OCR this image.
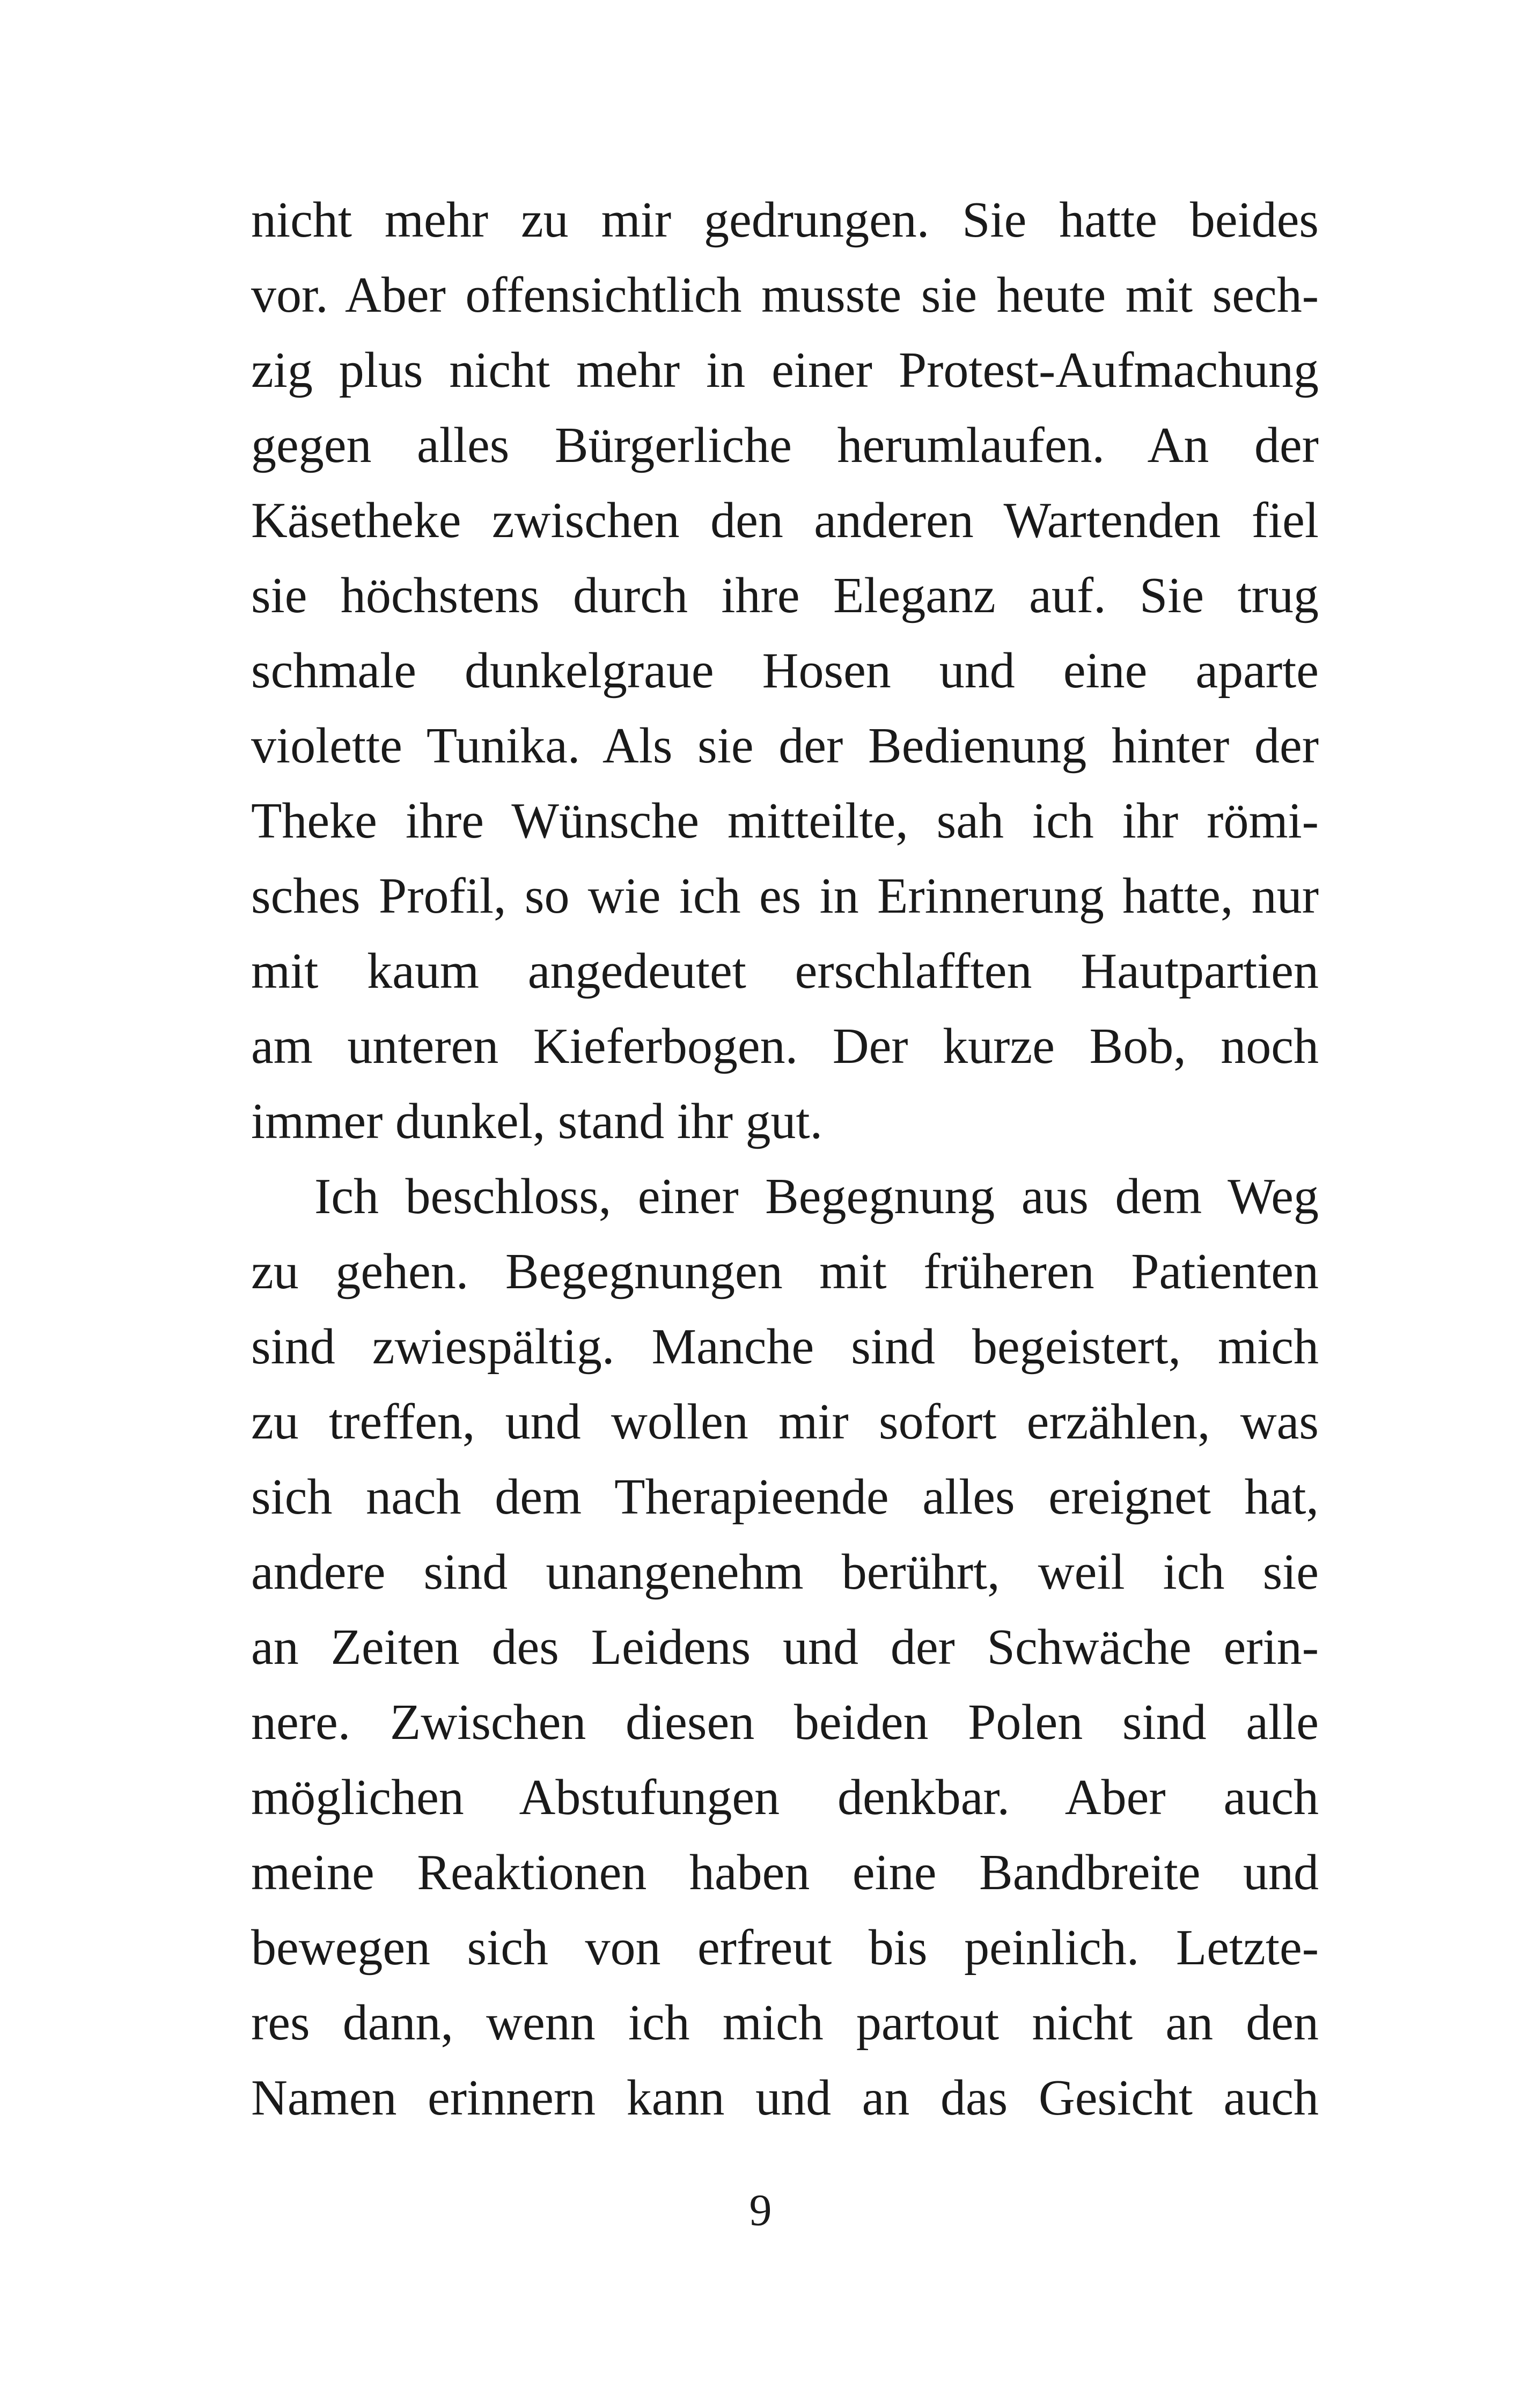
nicht mehr zu mir gedrungen. Sie hatte beides
vor. Aber offensichtlich musste sie heute mit sech-
zig plus nicht mehr in einer Protest-Aufmachung
gegen alles Bürgerliche herumlaufen. An der
Käsetheke zwischen den anderen Wartenden fiel
sie höchstens durch ihre Eleganz auf. Sie trug
schmale dunkelgraue Hosen und eine aparte
violette Tunika. Als sie der Bedienung hinter der
Theke ihre Wünsche mitteilte, sah ich ihr römi-
sches Profil, so wie ich es in Erinnerung hatte, nur
mit kaum angedeutet erschlafften Hautpartien
am unteren Kieferbogen. Der kurze Bob, noch
immer dunkel, stand ihr gut.
Ich beschloss, einer Begegnung aus dem Weg
zu gehen. Begegnungen mit früheren Patienten
sind zwiespältig. Manche sind begeistert, mich
zu treffen, und wollen mir sofort erzählen, was
sich nach dem Therapieende alles ereignet hat,
andere sind unangenehm berührt, weil ich sie
an Zeiten des Leidens und der Schwäche erin-
nere. Zwischen diesen beiden Polen sind alle
möglichen Abstufungen denkbar. Aber auch
meine Reaktionen haben eine Bandbreite und
bewegen sich von erfreut bis peinlich. Letzte-
res dann, wenn ich mich partout nicht an den
Namen erinnern kann und an das Gesicht auch
9
